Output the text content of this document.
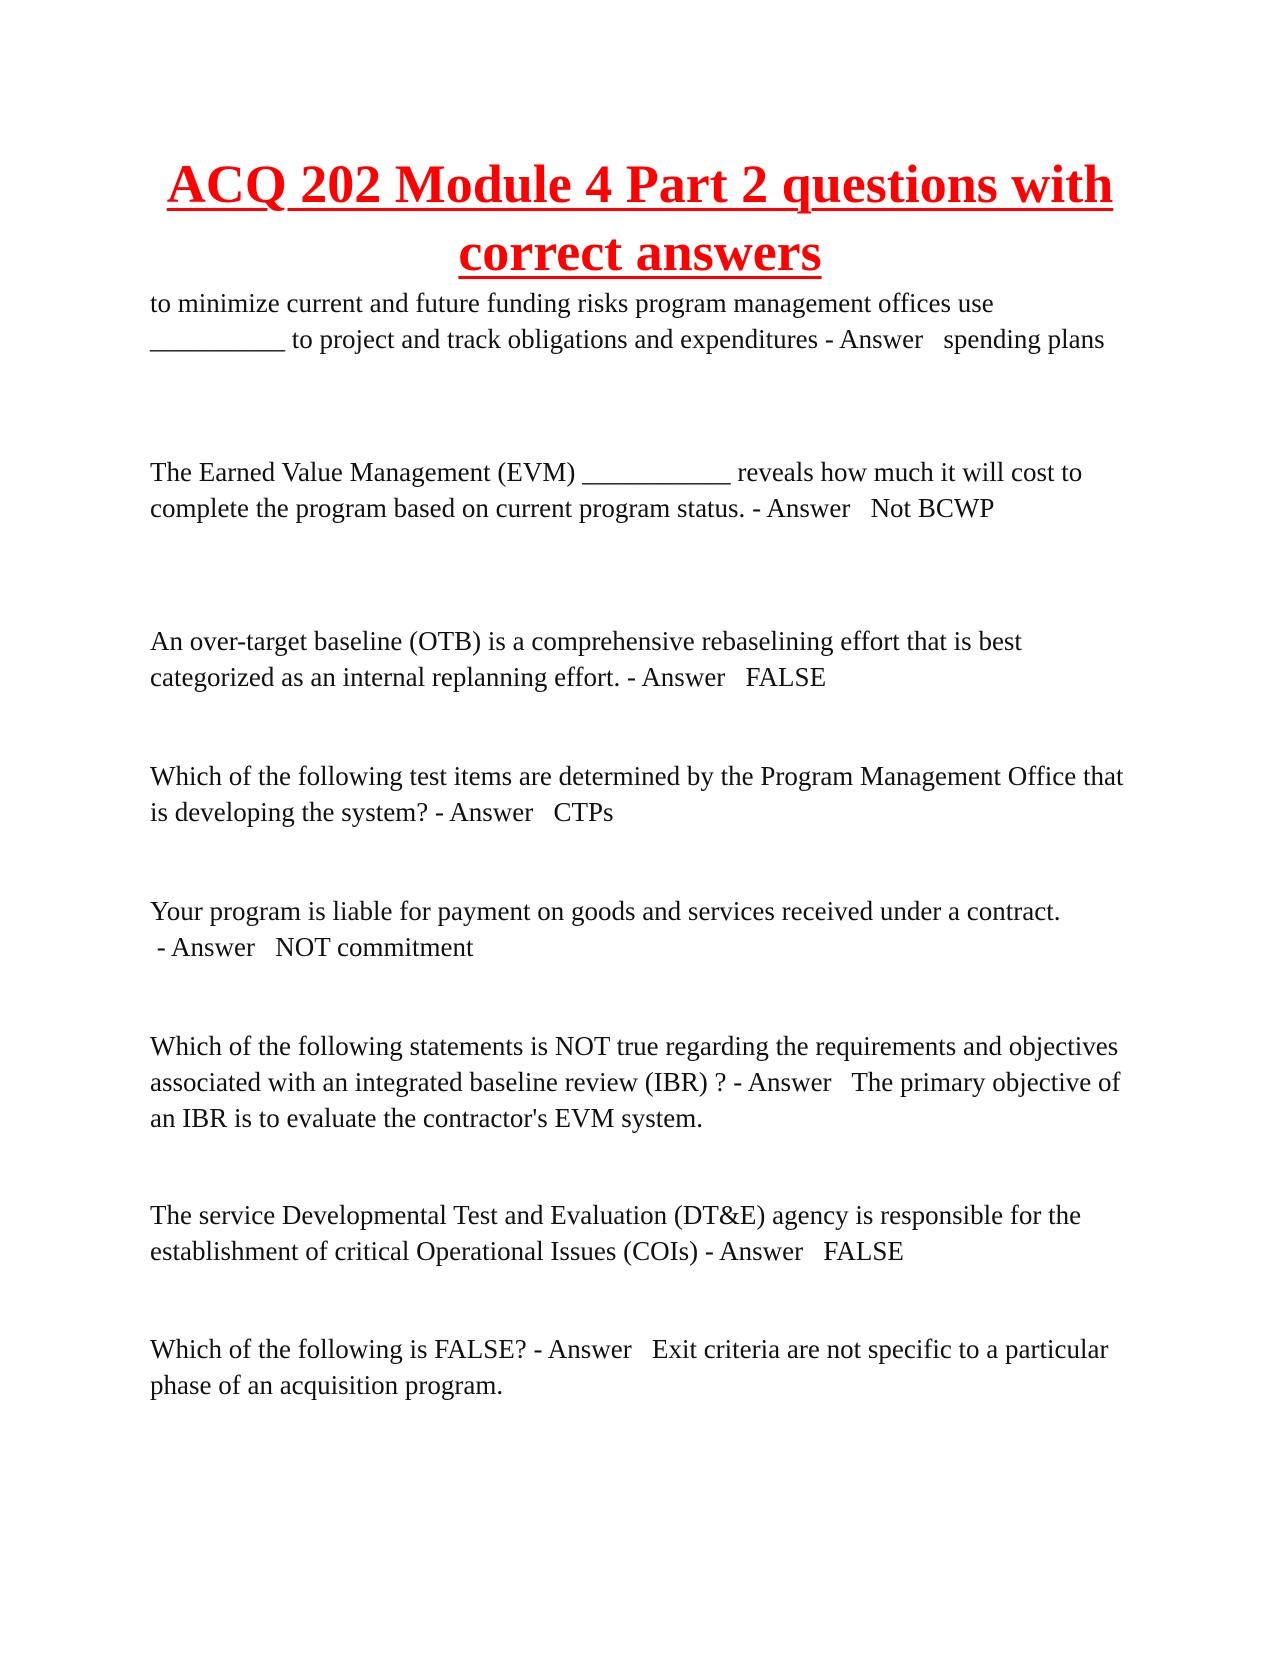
ACQ 202 Module 4 Part 2 questions with correct answers

to minimize current and future funding risks program management offices use __________ to project and track obligations and expenditures - Answer spending plans

The Earned Value Management (EVM) ___________ reveals how much it will cost to complete the program based on current program status. - Answer Not BCWP

An over-target baseline (OTB) is a comprehensive rebaselining effort that is best categorized as an internal replanning effort. - Answer FALSE

Which of the following test items are determined by the Program Management Office that is developing the system? - Answer CTPs

Your program is liable for payment on goods and services received under a contract. - Answer NOT commitment

Which of the following statements is NOT true regarding the requirements and objectives associated with an integrated baseline review (IBR) ? - Answer The primary objective of an IBR is to evaluate the contractor's EVM system.

The service Developmental Test and Evaluation (DT&E) agency is responsible for the establishment of critical Operational Issues (COIs) - Answer FALSE

Which of the following is FALSE? - Answer Exit criteria are not specific to a particular phase of an acquisition program.
